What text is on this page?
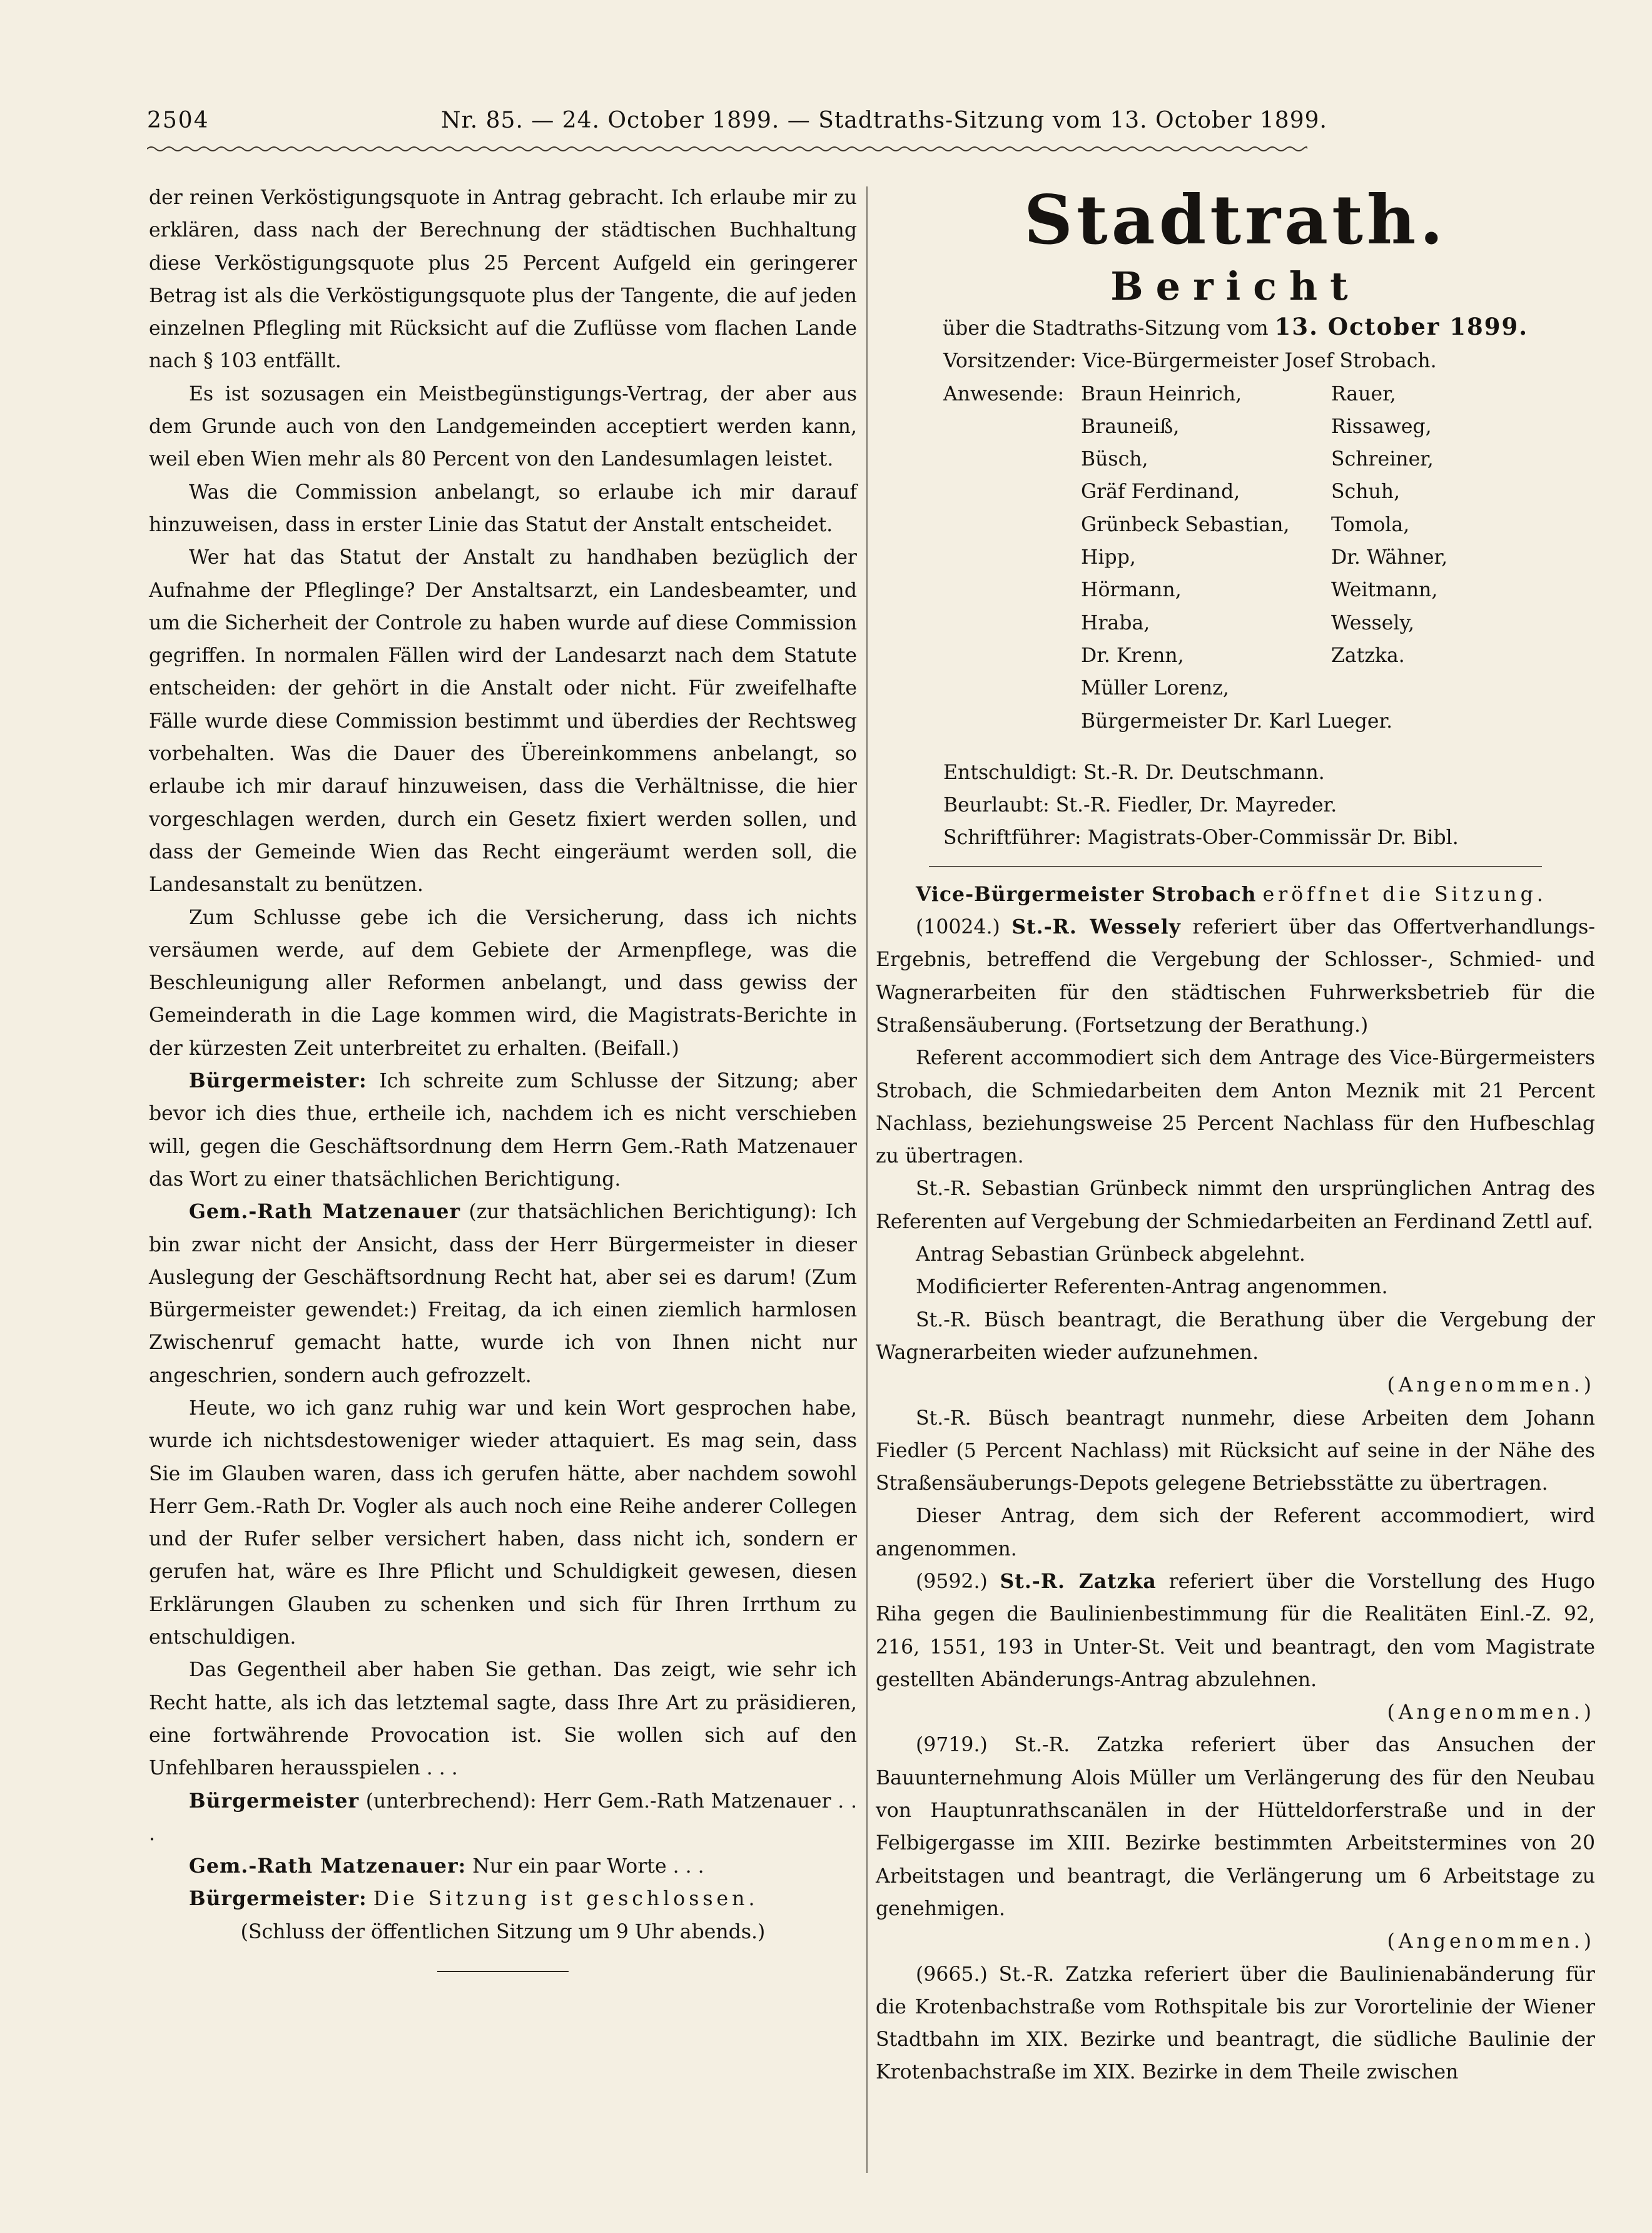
2504	Nr. 85. — 24. October 1899. — Stadtraths-Sitzung vom 13. October 1899.

der reinen Verköstigungsquote in Antrag gebracht. Ich erlaube mir zu erklären, dass nach der Berechnung der städtischen Buchhaltung diese Verköstigungsquote plus 25 Percent Aufgeld ein geringerer Betrag ist als die Verköstigungsquote plus der Tangente, die auf jeden einzelnen Pflegling mit Rücksicht auf die Zuflüsse vom flachen Lande nach § 103 entfällt.

Es ist sozusagen ein Meistbegünstigungs-Vertrag, der aber aus dem Grunde auch von den Landgemeinden acceptiert werden kann, weil eben Wien mehr als 80 Percent von den Landesumlagen leistet.

Was die Commission anbelangt, so erlaube ich mir darauf hinzuweisen, dass in erster Linie das Statut der Anstalt entscheidet.

Wer hat das Statut der Anstalt zu handhaben bezüglich der Aufnahme der Pfleglinge? Der Anstaltsarzt, ein Landesbeamter, und um die Sicherheit der Controle zu haben wurde auf diese Commission gegriffen. In normalen Fällen wird der Landesarzt nach dem Statute entscheiden: der gehört in die Anstalt oder nicht. Für zweifelhafte Fälle wurde diese Commission bestimmt und überdies der Rechtsweg vorbehalten. Was die Dauer des Übereinkommens anbelangt, so erlaube ich mir darauf hinzuweisen, dass die Verhältnisse, die hier vorgeschlagen werden, durch ein Gesetz fixiert werden sollen, und dass der Gemeinde Wien das Recht eingeräumt werden soll, die Landesanstalt zu benützen.

Zum Schlusse gebe ich die Versicherung, dass ich nichts versäumen werde, auf dem Gebiete der Armenpflege, was die Beschleunigung aller Reformen anbelangt, und dass gewiss der Gemeinderath in die Lage kommen wird, die Magistrats-Berichte in der kürzesten Zeit unterbreitet zu erhalten. (Beifall.)

Bürgermeister: Ich schreite zum Schlusse der Sitzung; aber bevor ich dies thue, ertheile ich, nachdem ich es nicht verschieben will, gegen die Geschäftsordnung dem Herrn Gem.-Rath Matzenauer das Wort zu einer thatsächlichen Berichtigung.

Gem.-Rath Matzenauer (zur thatsächlichen Berichtigung): Ich bin zwar nicht der Ansicht, dass der Herr Bürgermeister in dieser Auslegung der Geschäftsordnung Recht hat, aber sei es darum! (Zum Bürgermeister gewendet:) Freitag, da ich einen ziemlich harmlosen Zwischenruf gemacht hatte, wurde ich von Ihnen nicht nur angeschrien, sondern auch gefrozzelt.

Heute, wo ich ganz ruhig war und kein Wort gesprochen habe, wurde ich nichtsdestoweniger wieder attaquiert. Es mag sein, dass Sie im Glauben waren, dass ich gerufen hätte, aber nachdem sowohl Herr Gem.-Rath Dr. Vogler als auch noch eine Reihe anderer Collegen und der Rufer selber versichert haben, dass nicht ich, sondern er gerufen hat, wäre es Ihre Pflicht und Schuldigkeit gewesen, diesen Erklärungen Glauben zu schenken und sich für Ihren Irrthum zu entschuldigen.

Das Gegentheil aber haben Sie gethan. Das zeigt, wie sehr ich Recht hatte, als ich das letztemal sagte, dass Ihre Art zu präsidieren, eine fortwährende Provocation ist. Sie wollen sich auf den Unfehlbaren herausspielen . . .

Bürgermeister (unterbrechend): Herr Gem.-Rath Matzenauer . . .

Gem.-Rath Matzenauer: Nur ein paar Worte . . .

Bürgermeister: Die Sitzung ist geschlossen.

(Schluss der öffentlichen Sitzung um 9 Uhr abends.)

Stadtrath.
Bericht

über die Stadtraths-Sitzung vom 13. October 1899.

Vorsitzender: Vice-Bürgermeister Josef Strobach.

Anwesende:	Braun Heinrich,	Rauer,
	Brauneiß,	Rissaweg,
	Büsch,	Schreiner,
	Gräf Ferdinand,	Schuh,
	Grünbeck Sebastian,	Tomola,
	Hipp,	Dr. Wähner,
	Hörmann,	Weitmann,
	Hraba,	Wessely,
	Dr. Krenn,	Zatzka.
	Müller Lorenz,	
	Bürgermeister Dr. Karl Lueger.	

Entschuldigt: St.-R. Dr. Deutschmann.

Beurlaubt: St.-R. Fiedler, Dr. Mayreder.

Schriftführer: Magistrats-Ober-Commissär Dr. Bibl.

Vice-Bürgermeister Strobach eröffnet die Sitzung.

(10024.) St.-R. Wessely referiert über das Offertverhandlungs-Ergebnis, betreffend die Vergebung der Schlosser-, Schmied- und Wagnerarbeiten für den städtischen Fuhrwerksbetrieb für die Straßensäuberung. (Fortsetzung der Berathung.)

Referent accommodiert sich dem Antrage des Vice-Bürgermeisters Strobach, die Schmiedarbeiten dem Anton Meznik mit 21 Percent Nachlass, beziehungsweise 25 Percent Nachlass für den Hufbeschlag zu übertragen.

St.-R. Sebastian Grünbeck nimmt den ursprünglichen Antrag des Referenten auf Vergebung der Schmiedarbeiten an Ferdinand Zettl auf.

Antrag Sebastian Grünbeck abgelehnt.

Modificierter Referenten-Antrag angenommen.

St.-R. Büsch beantragt, die Berathung über die Vergebung der Wagnerarbeiten wieder aufzunehmen.

(Angenommen.)

St.-R. Büsch beantragt nunmehr, diese Arbeiten dem Johann Fiedler (5 Percent Nachlass) mit Rücksicht auf seine in der Nähe des Straßensäuberungs-Depots gelegene Betriebsstätte zu übertragen.

Dieser Antrag, dem sich der Referent accommodiert, wird angenommen.

(9592.) St.-R. Zatzka referiert über die Vorstellung des Hugo Riha gegen die Baulinienbestimmung für die Realitäten Einl.-Z. 92, 216, 1551, 193 in Unter-St. Veit und beantragt, den vom Magistrate gestellten Abänderungs-Antrag abzulehnen.

(Angenommen.)

(9719.) St.-R. Zatzka referiert über das Ansuchen der Bauunternehmung Alois Müller um Verlängerung des für den Neubau von Hauptunrathscanälen in der Hütteldorferstraße und in der Felbigergasse im XIII. Bezirke bestimmten Arbeitstermines von 20 Arbeitstagen und beantragt, die Verlängerung um 6 Arbeitstage zu genehmigen.

(Angenommen.)

(9665.) St.-R. Zatzka referiert über die Baulinienabänderung für die Krotenbachstraße vom Rothspitale bis zur Vorortelinie der Wiener Stadtbahn im XIX. Bezirke und beantragt, die südliche Baulinie der Krotenbachstraße im XIX. Bezirke in dem Theile zwischen
